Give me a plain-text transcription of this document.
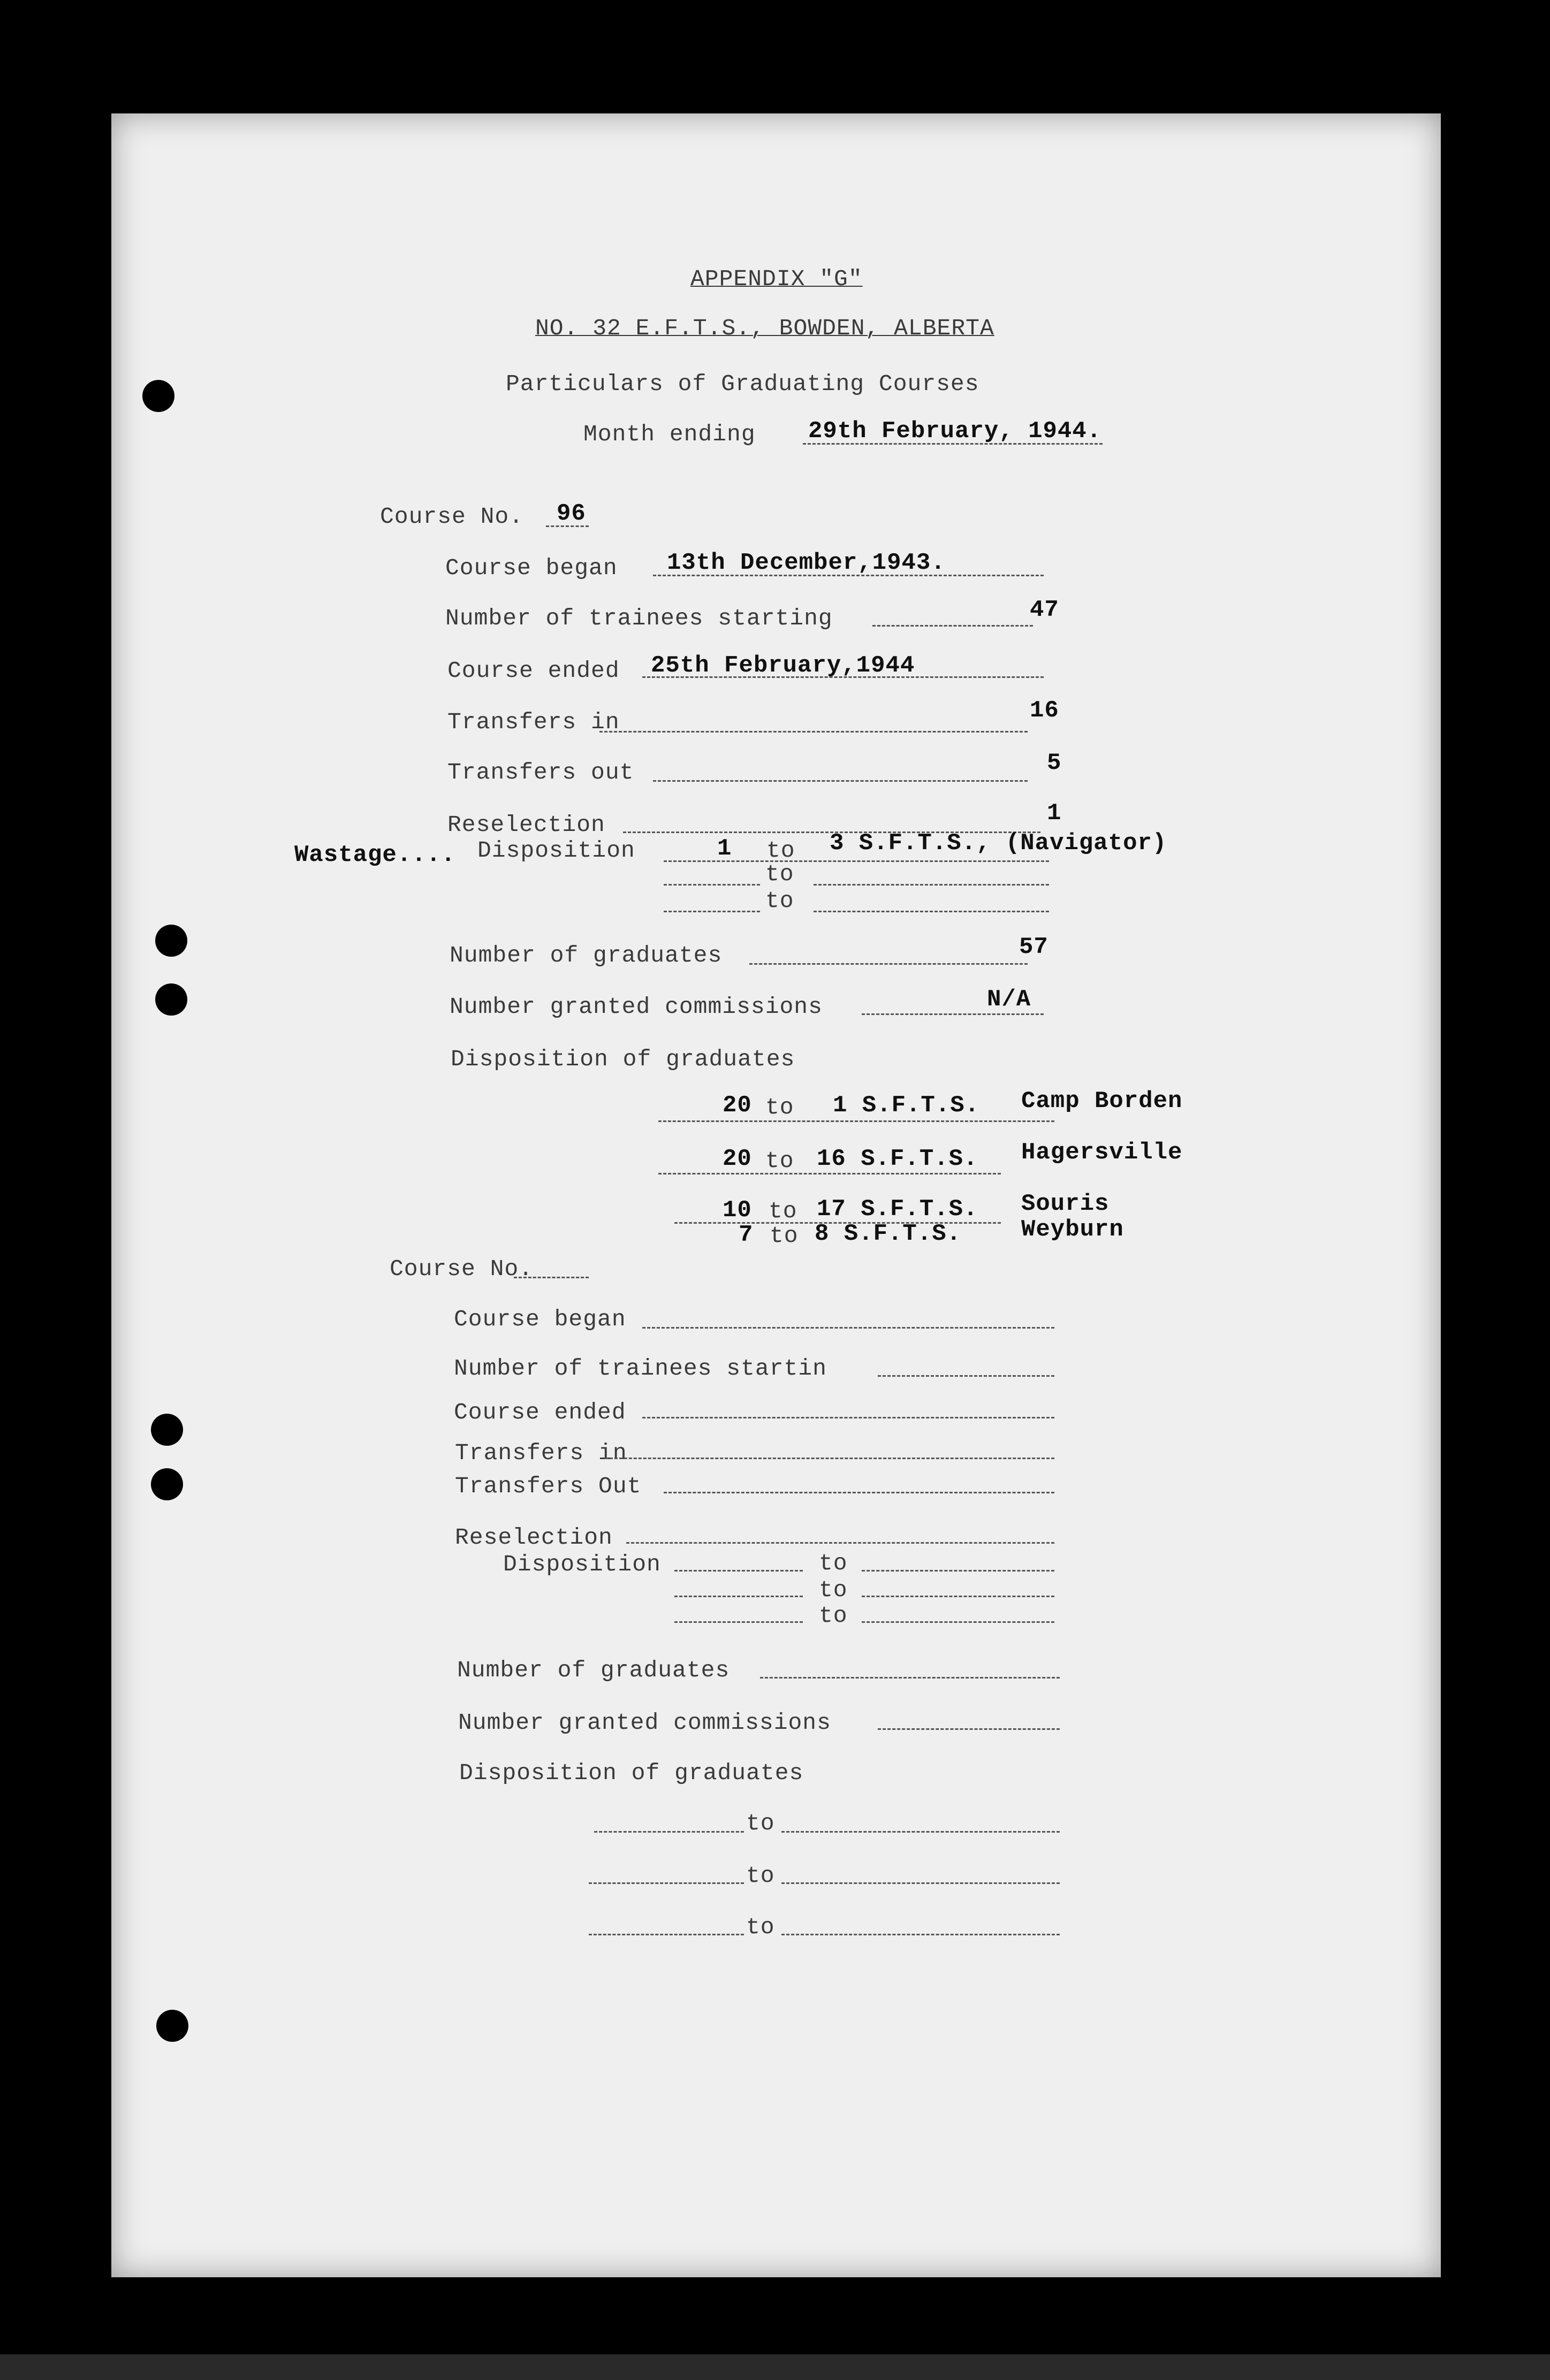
APPENDIX "G"
NO. 32 E.F.T.S., BOWDEN, ALBERTA
Particulars of Graduating Courses
Month ending 29th February, 1944.
Course No. 96
Course began 13th December,1943.
Number of trainees starting	47
Course ended 25th February,1944
Transfers in	16
Transfers out	5
Reselection	1
Wastage.... Disposition	1 to 3 S.F.T.S., (Navigator)
to
to
Number of graduates	57
Number granted commissions	N/A
Disposition of graduates
20 to 1 S.F.T.S. Camp Borden
20 to 16 S.F.T.S. Hagersville
10 to 17 S.F.T.S. Souris
7 to 8 S.F.T.S.	Weyburn
Course No.
Course began
Number of trainees startin
Course ended
Transfers in
Transfers Out
Reselection
Disposition	to
to
to
Number of graduates
Number granted commissions
Disposition of graduates
to
to
to
